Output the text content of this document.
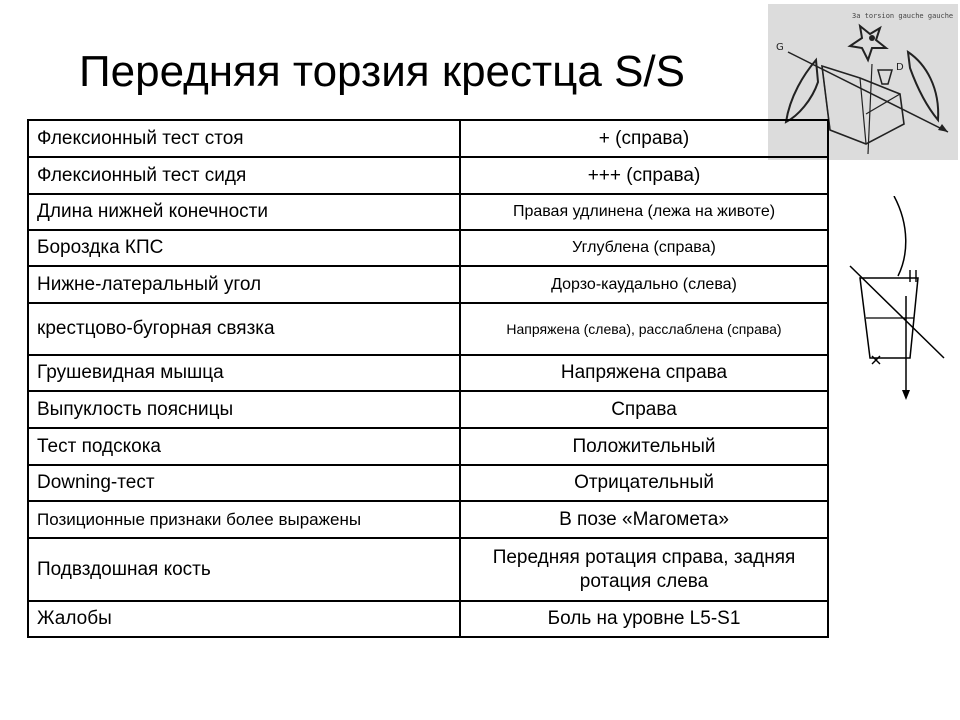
Передняя торзия крестца S/S
3a torsion gauche gauche
G
D
Флексионный тест стоя	+ (справа)
Флексионный тест сидя	+++ (справа)
Длина нижней конечности	Правая удлинена (лежа на животе)
Бороздка КПС	Углублена (справа)
Нижне-латеральный угол	Дорзо-каудально (слева)
крестцово-бугорная связка	Напряжена (слева), расслаблена (справа)
Грушевидная мышца	Напряжена справа
Выпуклость поясницы	Справа
Тест подскока	Положительный
Downing-тест	Отрицательный
Позиционные признаки более выражены	В позе «Магомета»
Подвздошная кость	Передняя ротация справа, задняя ротация слева
Жалобы	Боль на уровне L5-S1
